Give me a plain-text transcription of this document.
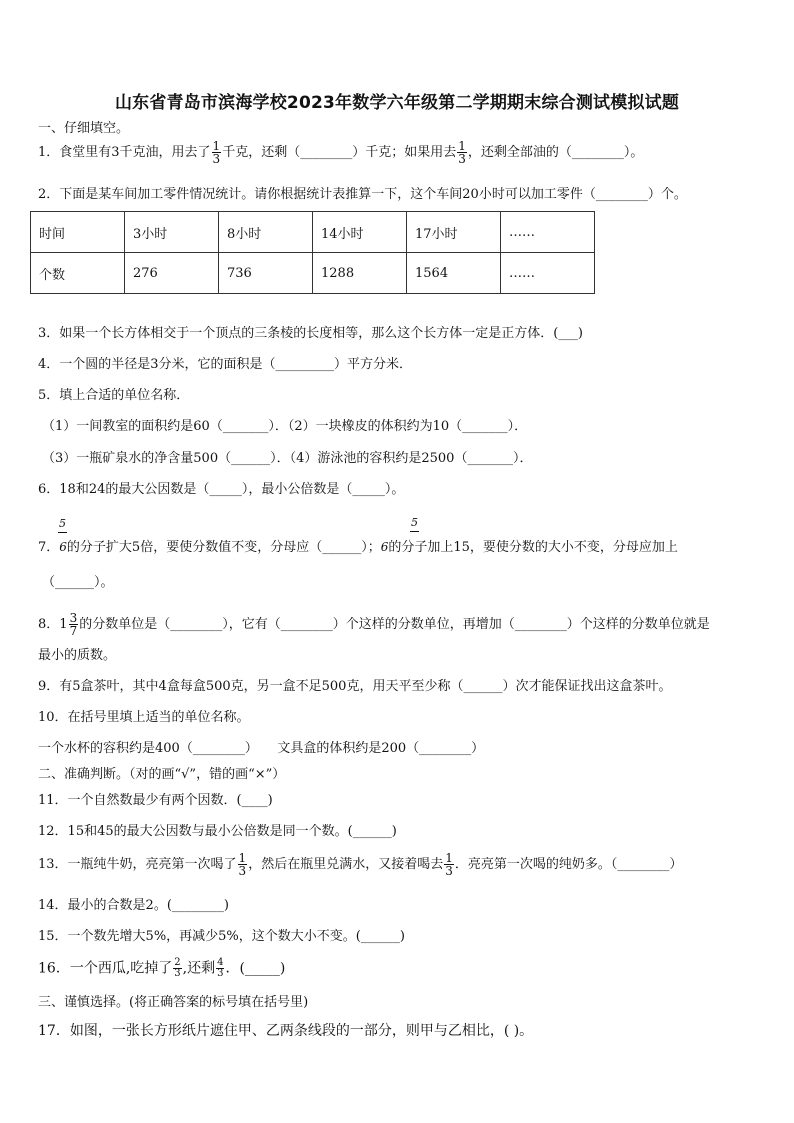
山东省青岛市滨海学校2023年数学六年级第二学期期末综合测试模拟试题
一、仔细填空。
1．食堂里有3千克油，用去了 $\frac{1}{3}$ 千克，还剩（________）千克；如果用去 $\frac{1}{3}$ ，还剩全部油的（________）。
2．下面是某车间加工零件情况统计。请你根据统计表推算一下，这个车间20小时可以加工零件（________）个。
时间	3小时	8小时	14小时	17小时	……
个数	276	736	1288	1564	……
3．如果一个长方体相交于一个顶点的三条棱的长度相等，那么这个长方体一定是正方体．(___)
4．一个圆的半径是3分米，它的面积是（_________）平方分米．
5．填上合适的单位名称．
（1）一间教室的面积约是60（_______）．（2）一块橡皮的体积约为10（_______）．
（3）一瓶矿泉水的净含量500（______）．（4）游泳池的容积约是2500（_______）．
6．18和24的最大公因数是（_____），最小公倍数是（_____）。
5	5
7．6的分子扩大5倍，要使分数值不变，分母应（______）；6的分子加上15，要使分数的大小不变，分母应加上
（______）。
8．$1 \frac{3}{7}$ 的分数单位是（________），它有（________）个这样的分数单位，再增加（________）个这样的分数单位就是
最小的质数。
9．有5盒茶叶，其中4盒每盒500克，另一盒不足500克，用天平至少称（______）次才能保证找出这盒茶叶。
10．在括号里填上适当的单位名称。
一个水杯的容积约是400（________）　　文具盒的体积约是200（________）
二、准确判断。（对的画“√”，错的画“×”）
11．一个自然数最少有两个因数．(____)
12．15和45的最大公因数与最小公倍数是同一个数。(______)
13．一瓶纯牛奶，亮亮第一次喝了 $\frac{1}{3}$ ，然后在瓶里兑满水，又接着喝去 $\frac{1}{3}$ ．亮亮第一次喝的纯奶多。（________）
14．最小的合数是2。(________)
15．一个数先增大5%，再减少5%，这个数大小不变。(______)
16．一个西瓜,吃掉了 $\frac{2}{3}$ ,还剩 $\frac{4}{3}$ ．(_____)
三、谨慎选择。(将正确答案的标号填在括号里)
17．如图，一张长方形纸片遮住甲、乙两条线段的一部分，则甲与乙相比，( )。
